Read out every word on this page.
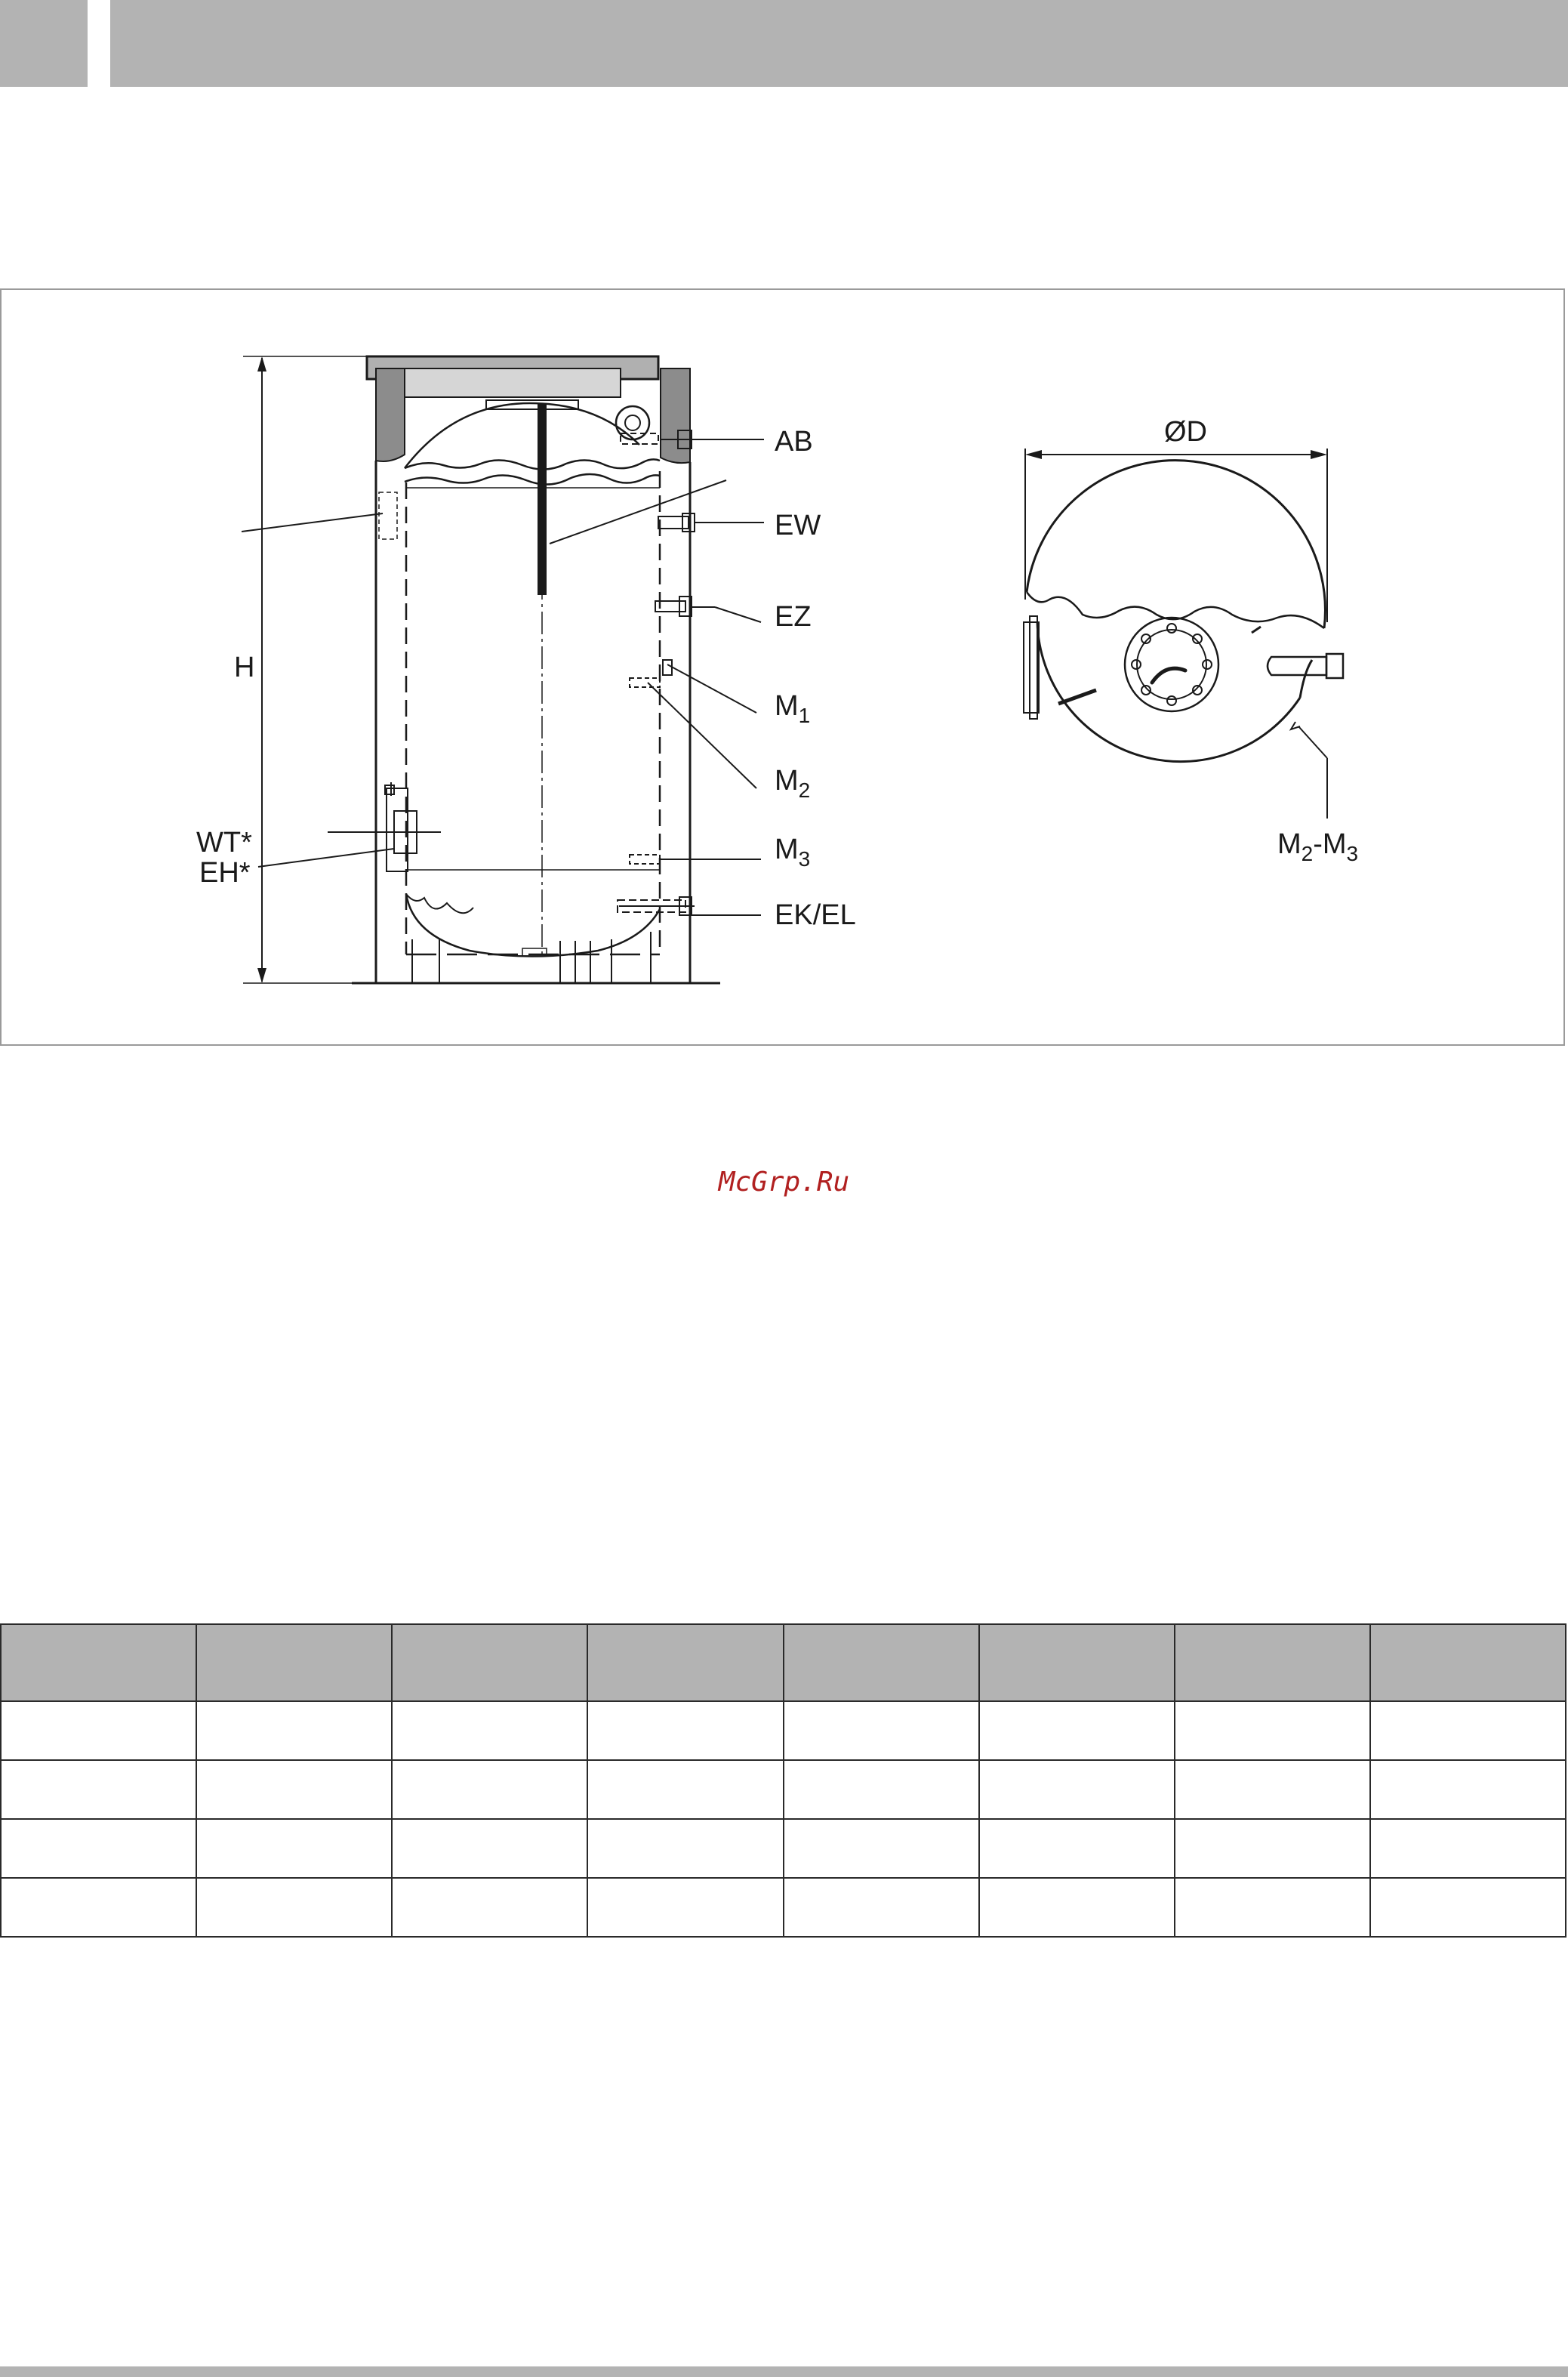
H
AB
EW
EZ
$M_1$
$M_2$
$M_3$
EK/EL
WT*
EH*
ØD
$M_2-M_3$
McGrp.Ru
